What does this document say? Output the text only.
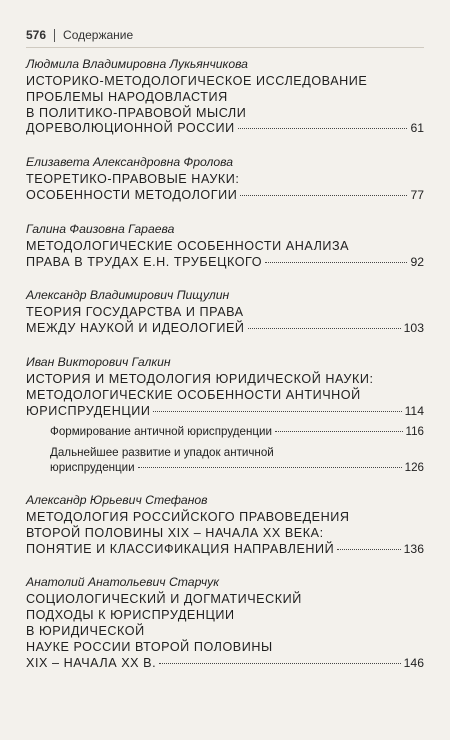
576 Содержание
Людмила Владимировна Лукьянчикова
ИСТОРИКО-МЕТОДОЛОГИЧЕСКОЕ ИССЛЕДОВАНИЕ
ПРОБЛЕМЫ НАРОДОВЛАСТИЯ
В ПОЛИТИКО-ПРАВОВОЙ МЫСЛИ
ДОРЕВОЛЮЦИОННОЙ РОССИИ	61
Елизавета Александровна Фролова
ТЕОРЕТИКО-ПРАВОВЫЕ НАУКИ:
ОСОБЕННОСТИ МЕТОДОЛОГИИ	77
Галина Фаизовна Гараева
МЕТОДОЛОГИЧЕСКИЕ ОСОБЕННОСТИ АНАЛИЗА
ПРАВА В ТРУДАХ Е.Н. ТРУБЕЦКОГО	92
Александр Владимирович Пищулин
ТЕОРИЯ ГОСУДАРСТВА И ПРАВА
МЕЖДУ НАУКОЙ И ИДЕОЛОГИЕЙ	103
Иван Викторович Галкин
ИСТОРИЯ И МЕТОДОЛОГИЯ ЮРИДИЧЕСКОЙ НАУКИ:
МЕТОДОЛОГИЧЕСКИЕ ОСОБЕННОСТИ АНТИЧНОЙ
ЮРИСПРУДЕНЦИИ	114
Формирование античной юриспруденции	116
Дальнейшее развитие и упадок античной
юриспруденции	126
Александр Юрьевич Стефанов
МЕТОДОЛОГИЯ РОССИЙСКОГО ПРАВОВЕДЕНИЯ
ВТОРОЙ ПОЛОВИНЫ XIX – НАЧАЛА XX ВЕКА:
ПОНЯТИЕ И КЛАССИФИКАЦИЯ НАПРАВЛЕНИЙ	136
Анатолий Анатольевич Старчук
СОЦИОЛОГИЧЕСКИЙ И ДОГМАТИЧЕСКИЙ
ПОДХОДЫ К ЮРИСПРУДЕНЦИИ
В ЮРИДИЧЕСКОЙ
НАУКЕ РОССИИ ВТОРОЙ ПОЛОВИНЫ
XIX – НАЧАЛА XX В.	146
